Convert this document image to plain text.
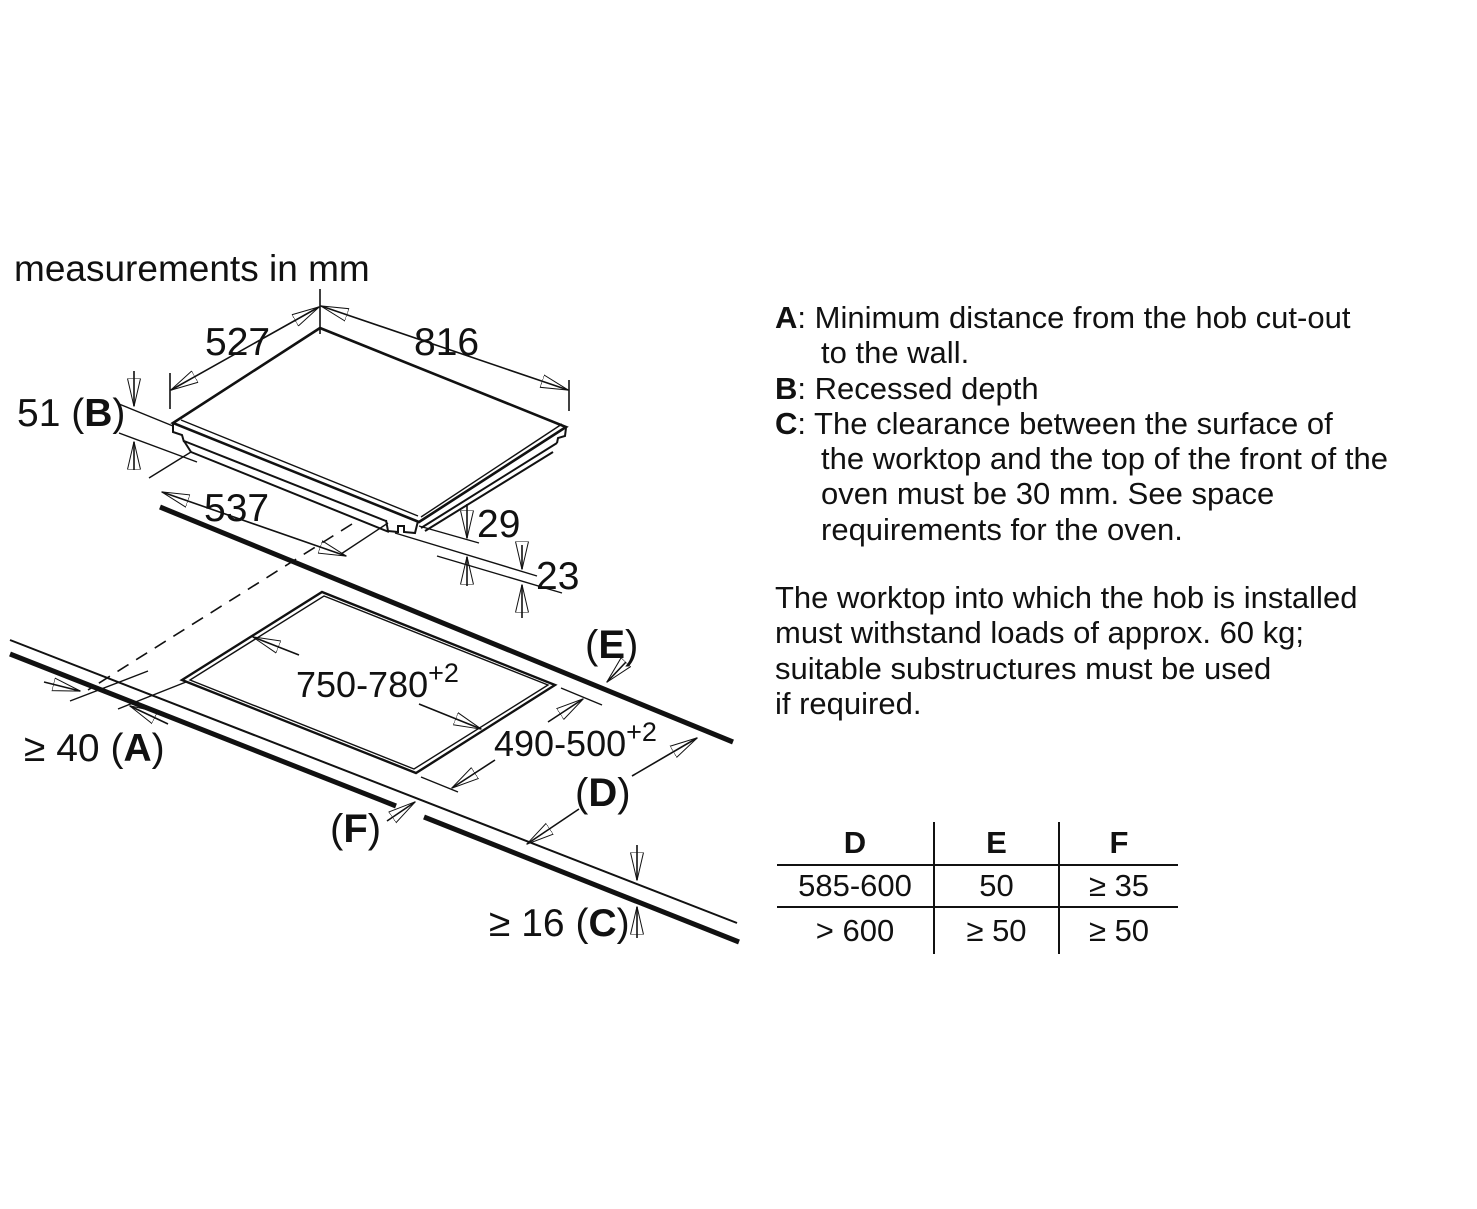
measurements in mm
527	816
51 (B)
537	29
23
$750-780^{+2}$
$490-500^{+2}$
(E)
(D)
(F)
≥ 40 (A)
≥ 16 (C)
A: Minimum distance from the hob cut-out
to the wall.
B: Recessed depth
C: The clearance between the surface of
the worktop and the top of the front of the
oven must be 30 mm. See space
requirements for the oven.
The worktop into which the hob is installed
must withstand loads of approx. 60 kg;
suitable substructures must be used
if required.
D	E	F
585-600	50	≥ 35
> 600	≥ 50	≥ 50
